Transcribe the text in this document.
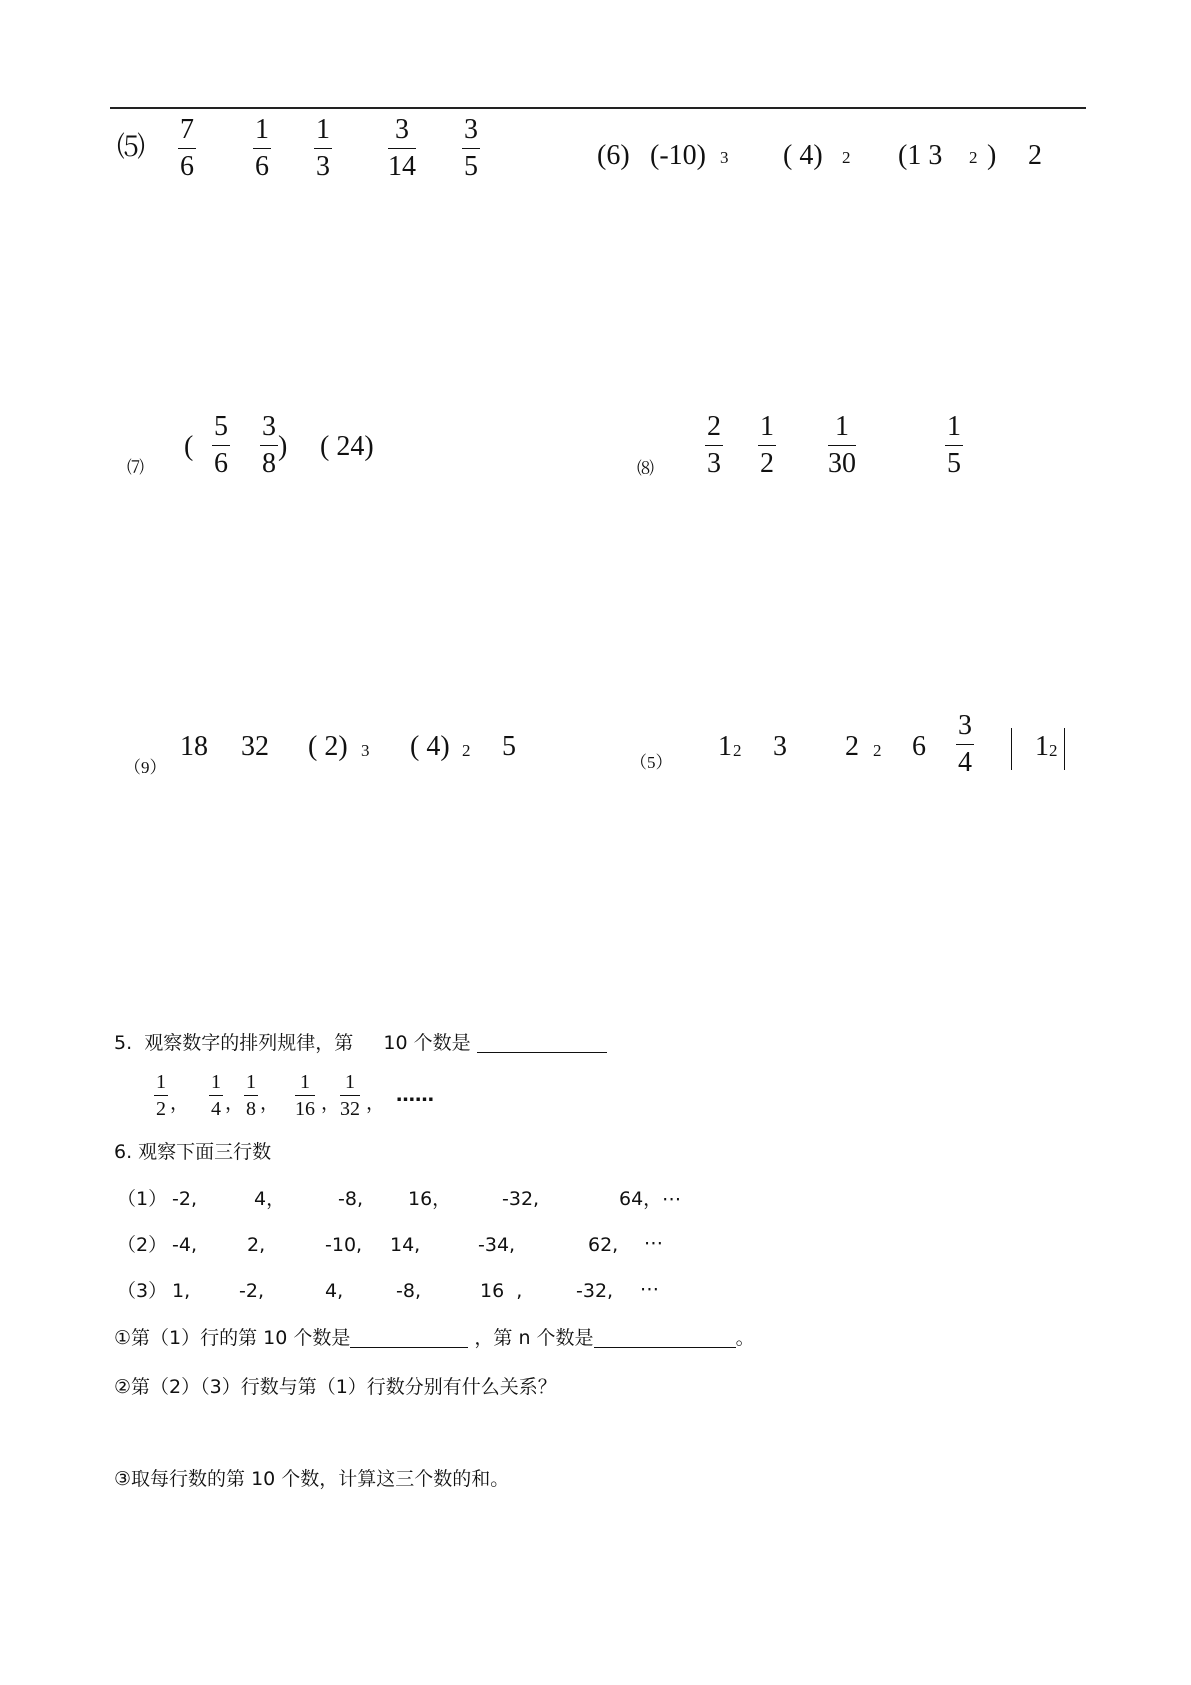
⑸
7
6
1
6
1
3
3
14
3
5	(6) (-10) 3 ( 4) 2 (1 3 2 ) 2
⑺
(
5
6
3
8
) ( 24)
⑻
2
3
1
2
1
30
1
5
（9）
18 32 ( 2) 3 ( 4) 2 5
（5）
1 2 3 2 2 6
3
4
1 2
5.  观察数字的排列规律，第     10 个数是
1
2 ，
1
4 ，
1
8 ，
1
16 ，
1
32 ， ……
6. 观察下面三行数
（1） -2,	4，	-8, 16，	-32,	64，⋯
（2） -4,	2,	-10, 14,	-34,	62, ⋯
（3） 1,	-2,	4,	-8,	16  ,	-32, ⋯
①第（1）行的第 10 个数是	，第 n 个数是	。
②第（2）（3）行数与第（1）行数分别有什么关系？
③取每行数的第 10 个数，计算这三个数的和。
